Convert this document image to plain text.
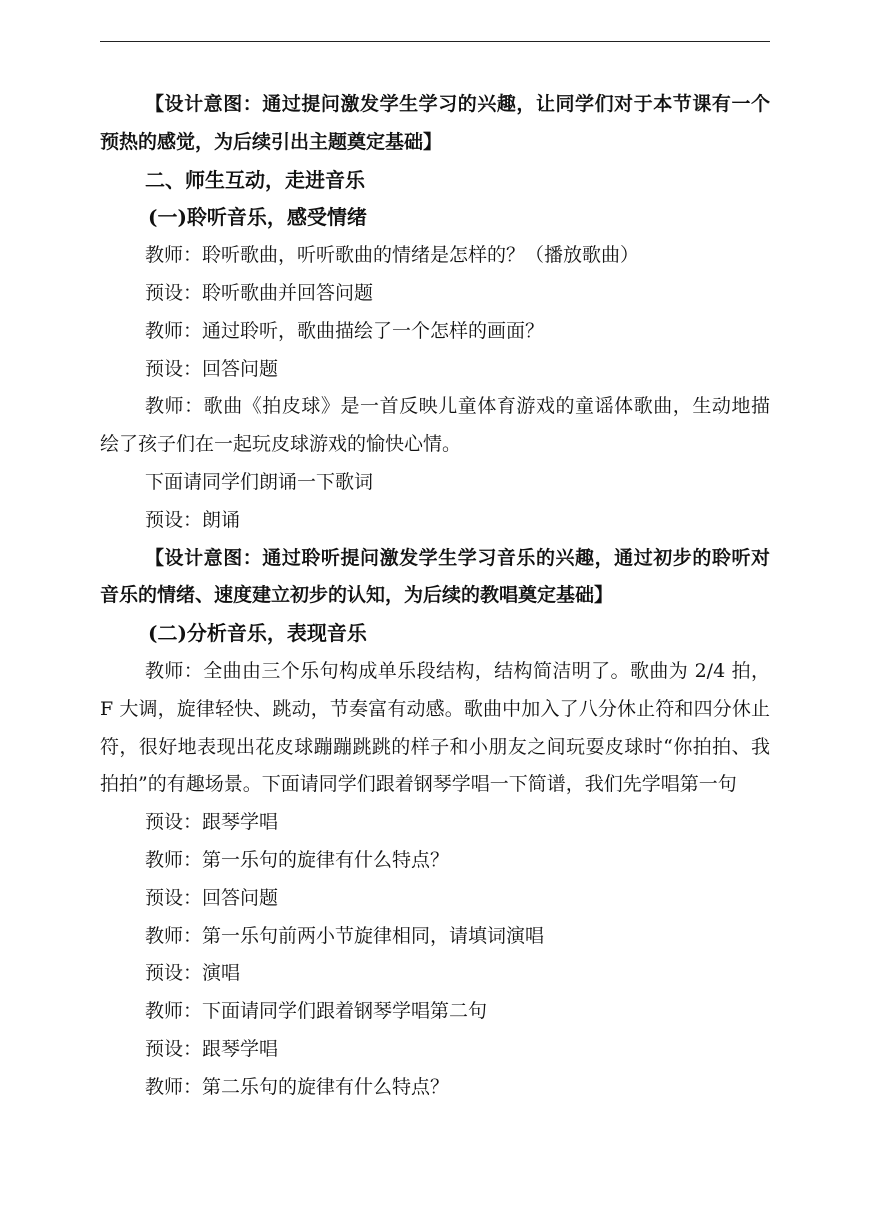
【设计意图：通过提问激发学生学习的兴趣，让同学们对于本节课有一个预热的感觉，为后续引出主题奠定基础】

二、师生互动，走进音乐

(一)聆听音乐，感受情绪

教师：聆听歌曲，听听歌曲的情绪是怎样的？（播放歌曲）

预设：聆听歌曲并回答问题

教师：通过聆听，歌曲描绘了一个怎样的画面？

预设：回答问题

教师：歌曲《拍皮球》是一首反映儿童体育游戏的童谣体歌曲，生动地描绘了孩子们在一起玩皮球游戏的愉快心情。

下面请同学们朗诵一下歌词

预设：朗诵

【设计意图：通过聆听提问激发学生学习音乐的兴趣，通过初步的聆听对音乐的情绪、速度建立初步的认知，为后续的教唱奠定基础】

(二)分析音乐，表现音乐

教师：全曲由三个乐句构成单乐段结构，结构简洁明了。歌曲为 2/4 拍，F 大调，旋律轻快、跳动，节奏富有动感。歌曲中加入了八分休止符和四分休止符，很好地表现出花皮球蹦蹦跳跳的样子和小朋友之间玩耍皮球时“你拍拍、我拍拍”的有趣场景。下面请同学们跟着钢琴学唱一下简谱，我们先学唱第一句

预设：跟琴学唱

教师：第一乐句的旋律有什么特点？

预设：回答问题

教师：第一乐句前两小节旋律相同，请填词演唱

预设：演唱

教师：下面请同学们跟着钢琴学唱第二句

预设：跟琴学唱

教师：第二乐句的旋律有什么特点？
